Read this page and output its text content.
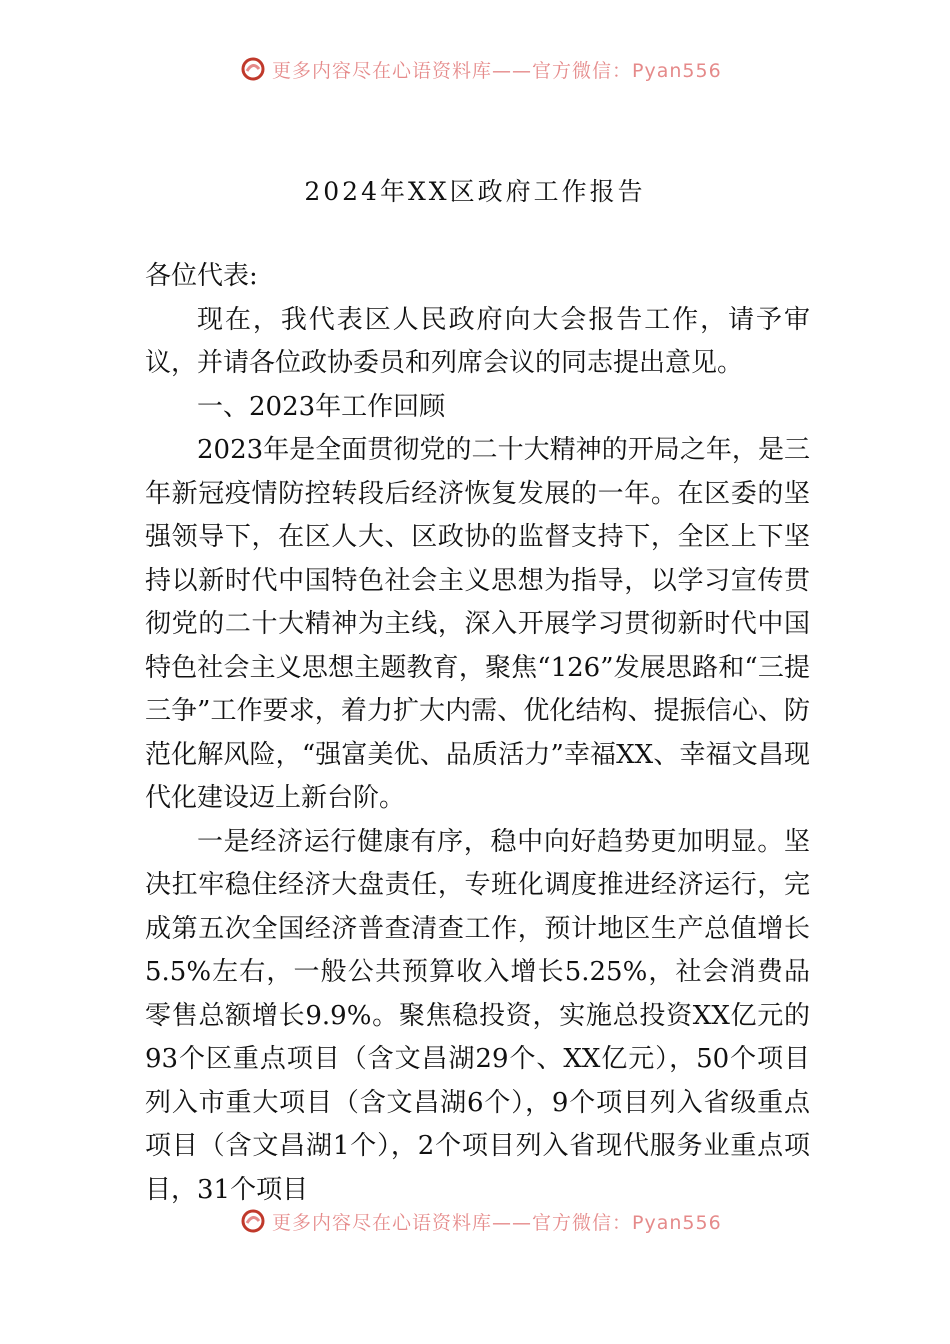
更多内容尽在心语资料库——官方微信：Pyan556
2024年XX区政府工作报告

各位代表:

现在，我代表区人民政府向大会报告工作，请予审议，并请各位政协委员和列席会议的同志提出意见。

一、2023年工作回顾

2023年是全面贯彻党的二十大精神的开局之年，是三年新冠疫情防控转段后经济恢复发展的一年。在区委的坚强领导下，在区人大、区政协的监督支持下，全区上下坚持以新时代中国特色社会主义思想为指导，以学习宣传贯彻党的二十大精神为主线，深入开展学习贯彻新时代中国特色社会主义思想主题教育，聚焦“126”发展思路和“三提三争”工作要求，着力扩大内需、优化结构、提振信心、防范化解风险，“强富美优、品质活力”幸福XX、幸福文昌现代化建设迈上新台阶。

一是经济运行健康有序，稳中向好趋势更加明显。坚决扛牢稳住经济大盘责任，专班化调度推进经济运行，完成第五次全国经济普查清查工作，预计地区生产总值增长5.5%左右，一般公共预算收入增长5.25%，社会消费品零售总额增长9.9%。聚焦稳投资，实施总投资XX亿元的93个区重点项目（含文昌湖29个、XX亿元），50个项目列入市重大项目（含文昌湖6个），9个项目列入省级重点项目（含文昌湖1个），2个项目列入省现代服务业重点项目，31个项目

更多内容尽在心语资料库——官方微信：Pyan556
